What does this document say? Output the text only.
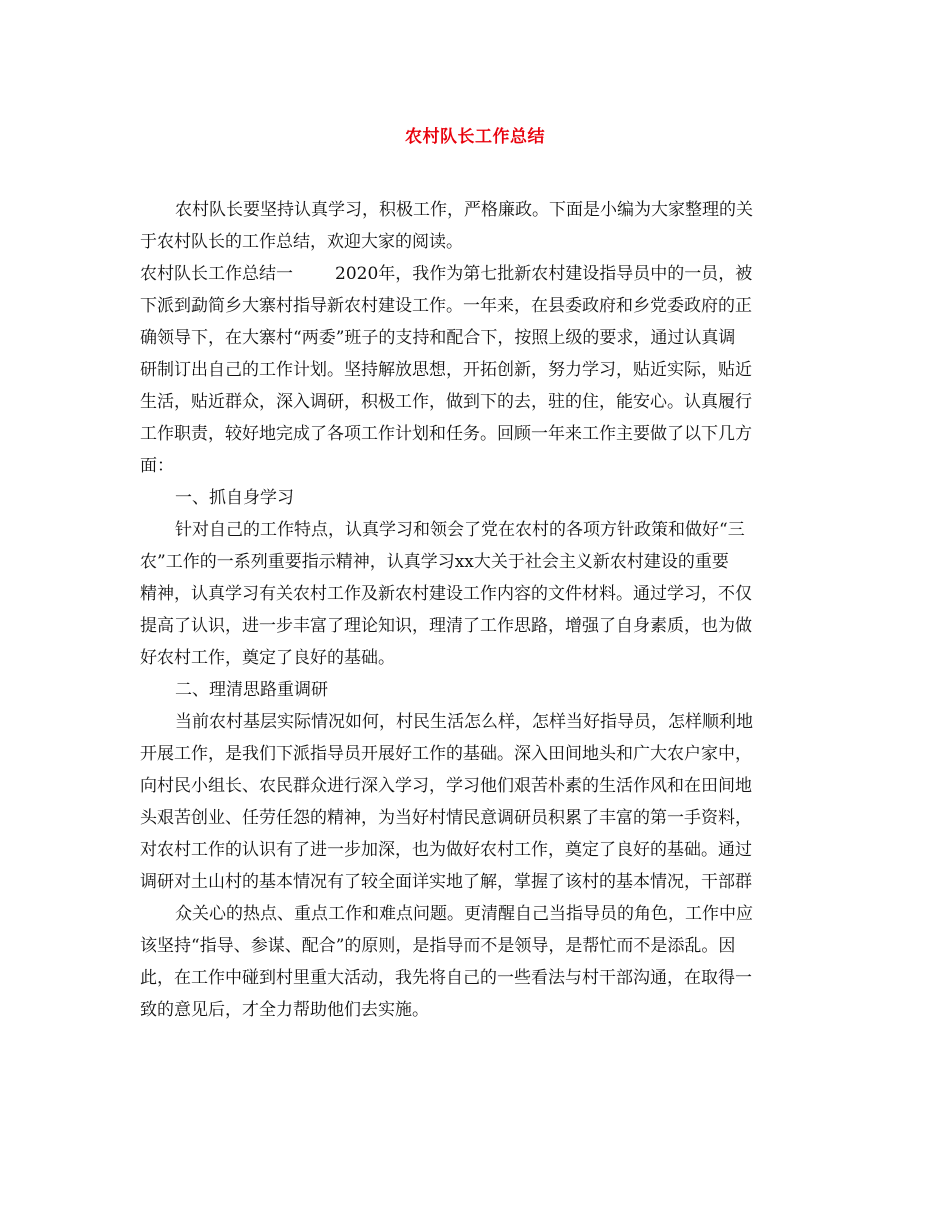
农村队长工作总结
农村队长要坚持认真学习，积极工作，严格廉政。下面是小编为大家整理的关
于农村队长的工作总结，欢迎大家的阅读。
农村队长工作总结一 2020年，我作为第七批新农村建设指导员中的一员，被
下派到勐简乡大寨村指导新农村建设工作。一年来，在县委政府和乡党委政府的正
确领导下，在大寨村“两委”班子的支持和配合下，按照上级的要求，通过认真调
研制订出自己的工作计划。坚持解放思想，开拓创新，努力学习，贴近实际，贴近
生活，贴近群众，深入调研，积极工作，做到下的去，驻的住，能安心。认真履行
工作职责，较好地完成了各项工作计划和任务。回顾一年来工作主要做了以下几方
面：
一、抓自身学习
针对自己的工作特点，认真学习和领会了党在农村的各项方针政策和做好“三
农”工作的一系列重要指示精神，认真学习xx大关于社会主义新农村建设的重要
精神，认真学习有关农村工作及新农村建设工作内容的文件材料。通过学习，不仅
提高了认识，进一步丰富了理论知识，理清了工作思路，增强了自身素质，也为做
好农村工作，奠定了良好的基础。
二、理清思路重调研
当前农村基层实际情况如何，村民生活怎么样，怎样当好指导员，怎样顺利地
开展工作，是我们下派指导员开展好工作的基础。深入田间地头和广大农户家中，
向村民小组长、农民群众进行深入学习，学习他们艰苦朴素的生活作风和在田间地
头艰苦创业、任劳任怨的精神，为当好村情民意调研员积累了丰富的第一手资料，
对农村工作的认识有了进一步加深，也为做好农村工作，奠定了良好的基础。通过
调研对土山村的基本情况有了较全面详实地了解，掌握了该村的基本情况，干部群
众关心的热点、重点工作和难点问题。更清醒自己当指导员的角色，工作中应
该坚持“指导、参谋、配合”的原则，是指导而不是领导，是帮忙而不是添乱。因
此，在工作中碰到村里重大活动，我先将自己的一些看法与村干部沟通，在取得一
致的意见后，才全力帮助他们去实施。
